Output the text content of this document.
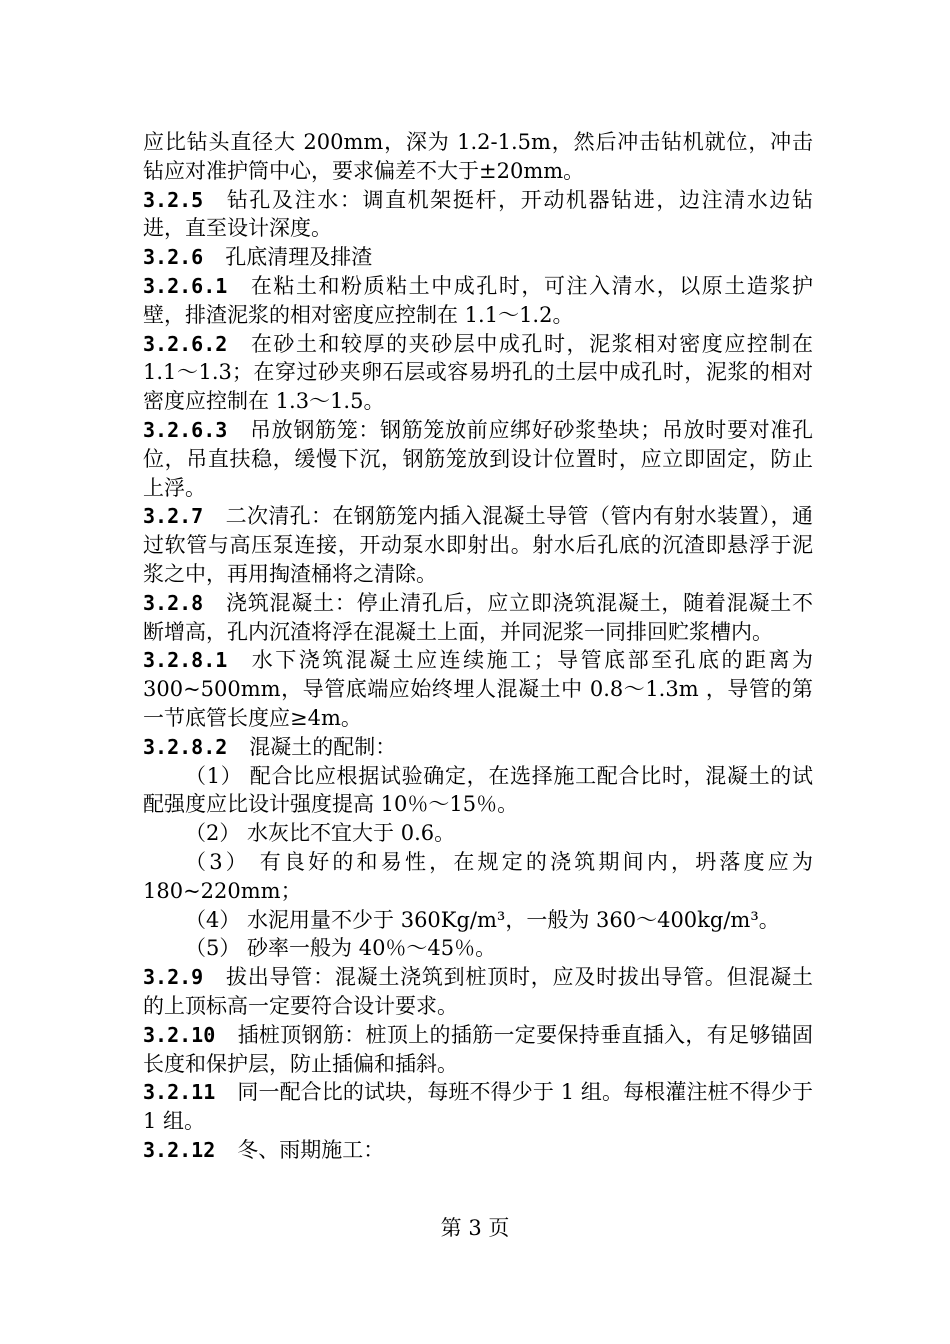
应比钻头直径大 200mm，深为 1.2-1.5m，然后冲击钻机就位，冲击钻应对准护筒中心，要求偏差不大于±20mm。

3.2.5 钻孔及注水：调直机架挺杆，开动机器钻进，边注清水边钻进，直至设计深度。

3.2.6 孔底清理及排渣

3.2.6.1 在粘土和粉质粘土中成孔时，可注入清水，以原土造浆护壁，排渣泥浆的相对密度应控制在 1.1～1.2。

3.2.6.2 在砂土和较厚的夹砂层中成孔时，泥浆相对密度应控制在 1.1～1.3；在穿过砂夹卵石层或容易坍孔的土层中成孔时，泥浆的相对密度应控制在 1.3～1.5。

3.2.6.3 吊放钢筋笼：钢筋笼放前应绑好砂浆垫块；吊放时要对准孔位，吊直扶稳，缓慢下沉，钢筋笼放到设计位置时，应立即固定，防止上浮。

3.2.7 二次清孔：在钢筋笼内插入混凝土导管（管内有射水装置），通过软管与高压泵连接，开动泵水即射出。射水后孔底的沉渣即悬浮于泥浆之中，再用掏渣桶将之清除。

3.2.8 浇筑混凝土：停止清孔后，应立即浇筑混凝土，随着混凝土不断增高，孔内沉渣将浮在混凝土上面，并同泥浆一同排回贮浆槽内。

3.2.8.1 水下浇筑混凝土应连续施工；导管底部至孔底的距离为 300~500mm，导管底端应始终埋人混凝土中 0.8～1.3m ，导管的第一节底管长度应≥4m。

3.2.8.2 混凝土的配制：

（1） 配合比应根据试验确定，在选择施工配合比时，混凝土的试配强度应比设计强度提高 10％～15％。

（2） 水灰比不宜大于 0.6。

（3） 有良好的和易性，在规定的浇筑期间内，坍落度应为 180~220mm；

（4） 水泥用量不少于 360Kg/m³，一般为 360～400kg/m³。

（5） 砂率一般为 40％～45％。

3.2.9 拔出导管：混凝土浇筑到桩顶时，应及时拔出导管。但混凝土的上顶标高一定要符合设计要求。

3.2.10 插桩顶钢筋：桩顶上的插筋一定要保持垂直插入，有足够锚固长度和保护层，防止插偏和插斜。

3.2.11 同一配合比的试块，每班不得少于 1 组。每根灌注桩不得少于 1 组。

3.2.12 冬、雨期施工：

第 3 页
